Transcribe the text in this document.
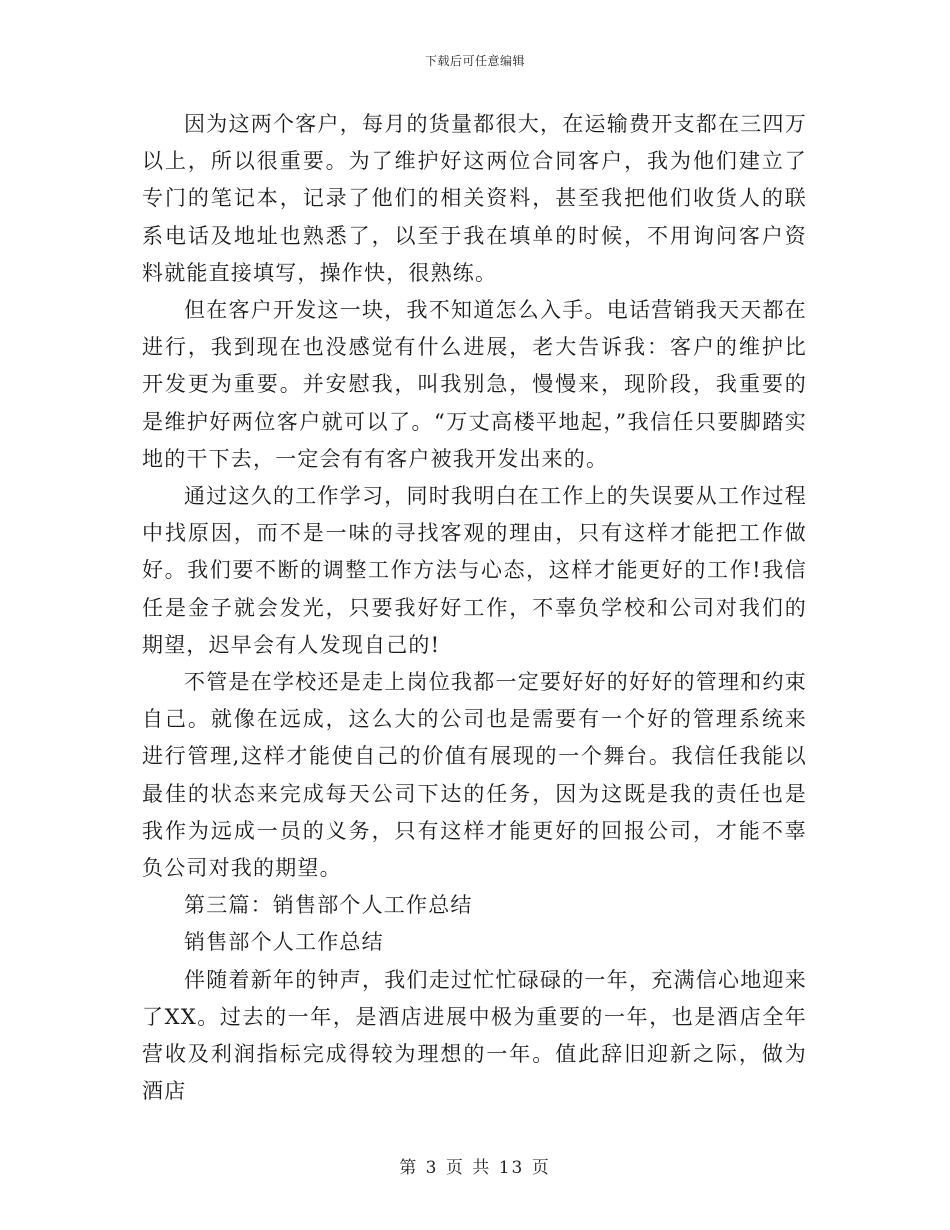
下载后可任意编辑

因为这两个客户，每月的货量都很大，在运输费开支都在三四万以上，所以很重要。为了维护好这两位合同客户，我为他们建立了专门的笔记本，记录了他们的相关资料，甚至我把他们收货人的联系电话及地址也熟悉了，以至于我在填单的时候，不用询问客户资料就能直接填写，操作快，很熟练。

但在客户开发这一块，我不知道怎么入手。电话营销我天天都在进行，我到现在也没感觉有什么进展，老大告诉我：客户的维护比开发更为重要。并安慰我，叫我别急，慢慢来，现阶段，我重要的是维护好两位客户就可以了。“万丈高楼平地起，”我信任只要脚踏实地的干下去，一定会有有客户被我开发出来的。

通过这久的工作学习，同时我明白在工作上的失误要从工作过程中找原因，而不是一味的寻找客观的理由，只有这样才能把工作做好。我们要不断的调整工作方法与心态，这样才能更好的工作!我信任是金子就会发光，只要我好好工作，不辜负学校和公司对我们的期望，迟早会有人发现自己的!

不管是在学校还是走上岗位我都一定要好好的好好的管理和约束自己。就像在远成，这么大的公司也是需要有一个好的管理系统来进行管理,这样才能使自己的价值有展现的一个舞台。我信任我能以最佳的状态来完成每天公司下达的任务，因为这既是我的责任也是我作为远成一员的义务，只有这样才能更好的回报公司，才能不辜负公司对我的期望。

第三篇：销售部个人工作总结

销售部个人工作总结

伴随着新年的钟声，我们走过忙忙碌碌的一年，充满信心地迎来了XX。过去的一年，是酒店进展中极为重要的一年，也是酒店全年营收及利润指标完成得较为理想的一年。值此辞旧迎新之际，做为酒店

第 3 页 共 13 页
